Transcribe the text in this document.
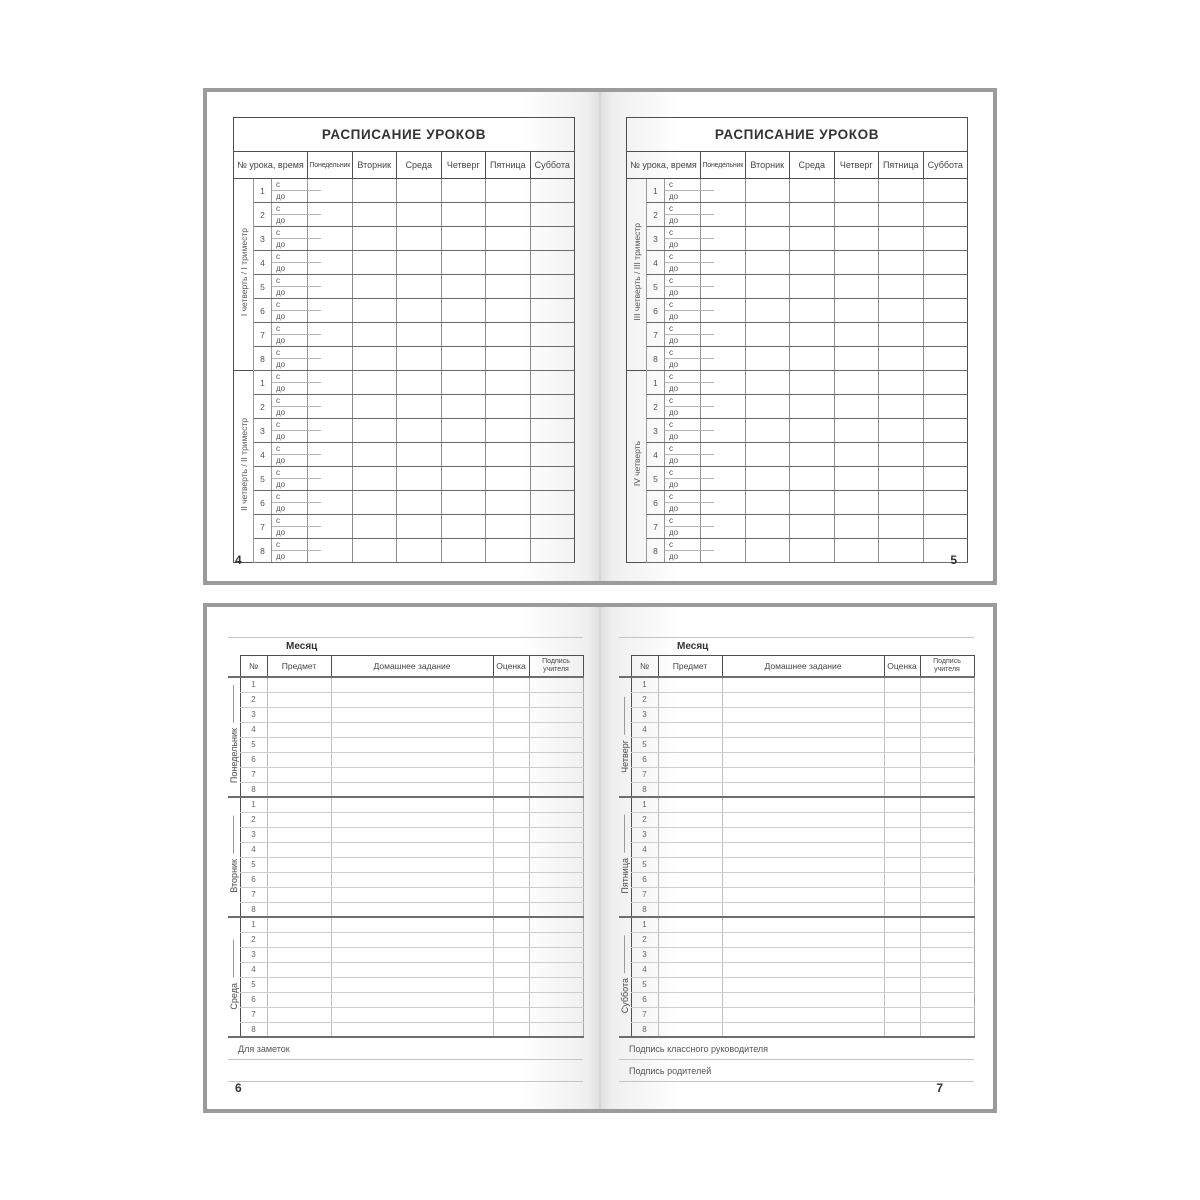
РАСПИСАНИЕ УРОКОВ								
№ урока, время			Понедельник	Вторник	Среда	Четверг	Пятница	Суббота
I четверть / I триместр	1	с						
		до						
	2	с						
		до						
	3	с						
		до						
	4	с						
		до						
	5	с						
		до						
	6	с						
		до						
	7	с						
		до						
	8	с						
		до						
II четверть / II триместр	1	с						
		до						
	2	с						
		до						
	3	с						
		до						
	4	с						
		до						
	5	с						
		до						
	6	с						
		до						
	7	с						
		до						
	8	с						
		до						
4
РАСПИСАНИЕ УРОКОВ								
№ урока, время			Понедельник	Вторник	Среда	Четверг	Пятница	Суббота
III четверть / III триместр	1	с						
		до						
	2	с						
		до						
	3	с						
		до						
	4	с						
		до						
	5	с						
		до						
	6	с						
		до						
	7	с						
		до						
	8	с						
		до						
IV четверть	1	с						
		до						
	2	с						
		до						
	3	с						
		до						
	4	с						
		до						
	5	с						
		до						
	6	с						
		до						
	7	с						
		до						
	8	с						
		до							5
Месяц
	№	Предмет	Домашнее задание	Оценка	Подпись учителя
Понедельник	1				
	2				
	3				
	4				
	5				
	6				
	7				
	8				
Вторник	1				
	2				
	3				
	4				
	5				
	6				
	7				
	8				
Среда	1				
	2				
	3				
	4				
	5				
	6				
	7				
	8				
Для заметок
6
Месяц
	№	Предмет	Домашнее задание	Оценка	Подпись учителя
Четверг	1				
	2				
	3				
	4				
	5				
	6				
	7				
	8				
Пятница	1				
	2				
	3				
	4				
	5				
	6				
	7				
	8				
Суббота	1				
	2				
	3				
	4				
	5				
	6				
	7				
	8				
Подпись классного руководителя
Подпись родителей
7
